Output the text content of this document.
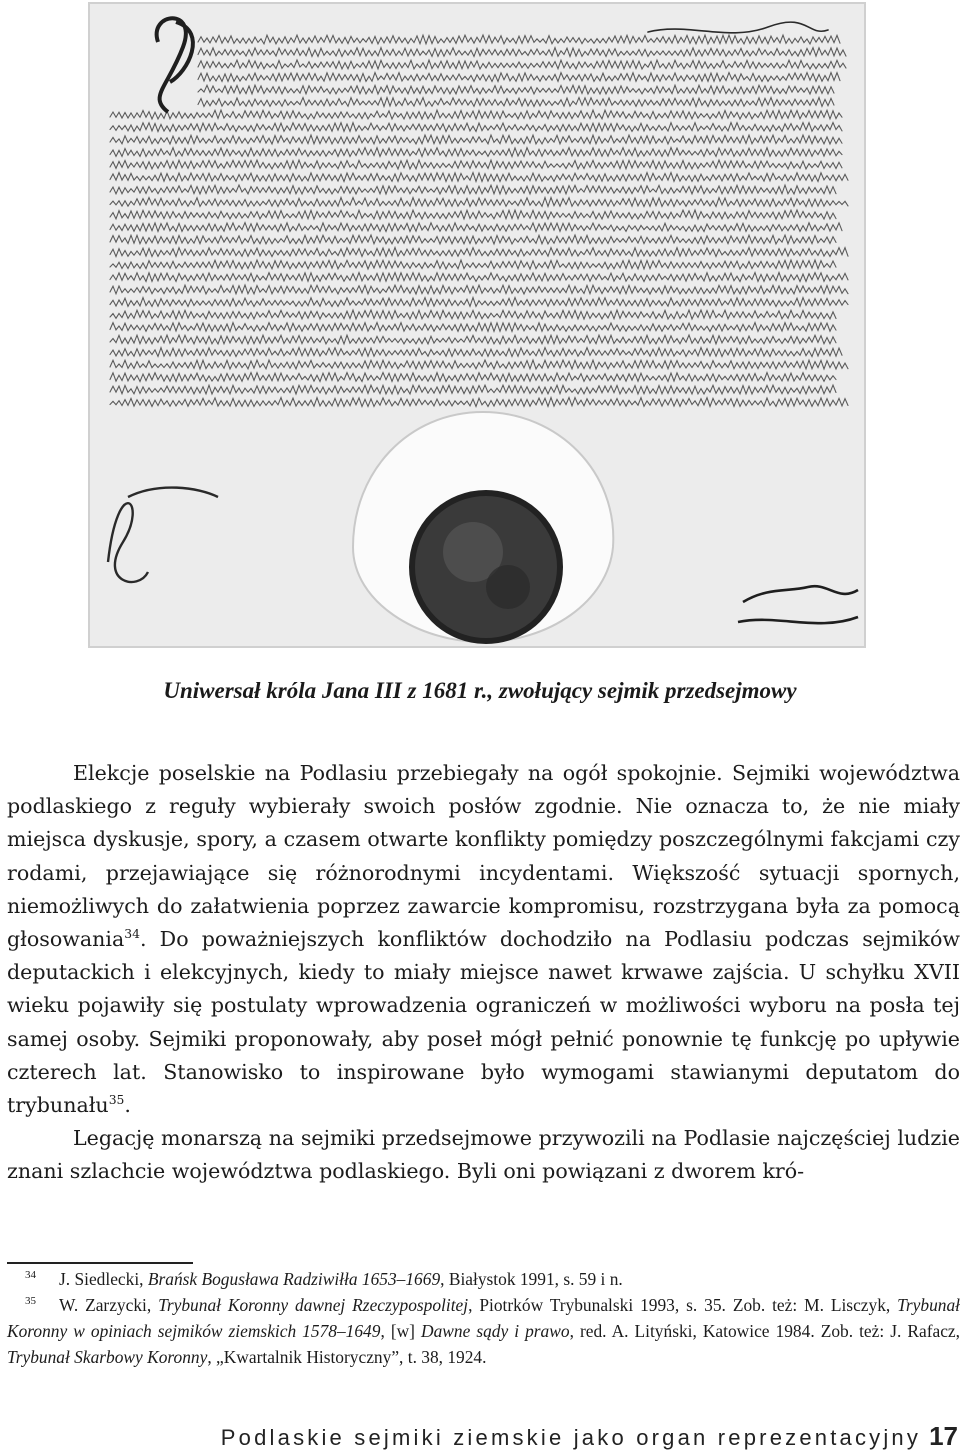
Uniwersał króla Jana III z 1681 r., zwołujący sejmik przedsejmowy

Elekcje poselskie na Podlasiu przebiegały na ogół spokojnie. Sejmiki województwa podlaskiego z reguły wybierały swoich posłów zgodnie. Nie oznacza to, że nie miały miejsca dyskusje, spory, a czasem otwarte konflikty pomiędzy poszczególnymi fakcjami czy rodami, przejawiające się różnorodnymi incydentami. Większość sytuacji spornych, niemożliwych do załatwienia poprzez zawarcie kompromisu, rozstrzygana była za pomocą głosowania$^{34}$. Do poważniejszych konfliktów dochodziło na Podlasiu podczas sejmików deputackich i elekcyjnych, kiedy to miały miejsce nawet krwawe zajścia. U schyłku XVII wieku pojawiły się postulaty wprowadzenia ograniczeń w możliwości wyboru na posła tej samej osoby. Sejmiki proponowały, aby poseł mógł pełnić ponownie tę funkcję po upływie czterech lat. Stanowisko to inspirowane było wymogami stawianymi deputatom do trybunału$^{35}$.

Legację monarszą na sejmiki przedsejmowe przywozili na Podlasie najczęściej ludzie znani szlachcie województwa podlaskiego. Byli oni powiązani z dworem kró-

34 J. Siedlecki, Brańsk Bogusława Radziwiłła 1653–1669, Białystok 1991, s. 59 i n.

35 W. Zarzycki, Trybunał Koronny dawnej Rzeczypospolitej, Piotrków Trybunalski 1993, s. 35. Zob. też: M. Lisczyk, Trybunał Koronny w opiniach sejmików ziemskich 1578–1649, [w] Dawne sądy i prawo, red. A. Lityński, Katowice 1984. Zob. też: J. Rafacz, Trybunał Skarbowy Koronny, „Kwartalnik Historyczny”, t. 38, 1924.

Podlaskie sejmiki ziemskie jako organ reprezentacyjny 17
